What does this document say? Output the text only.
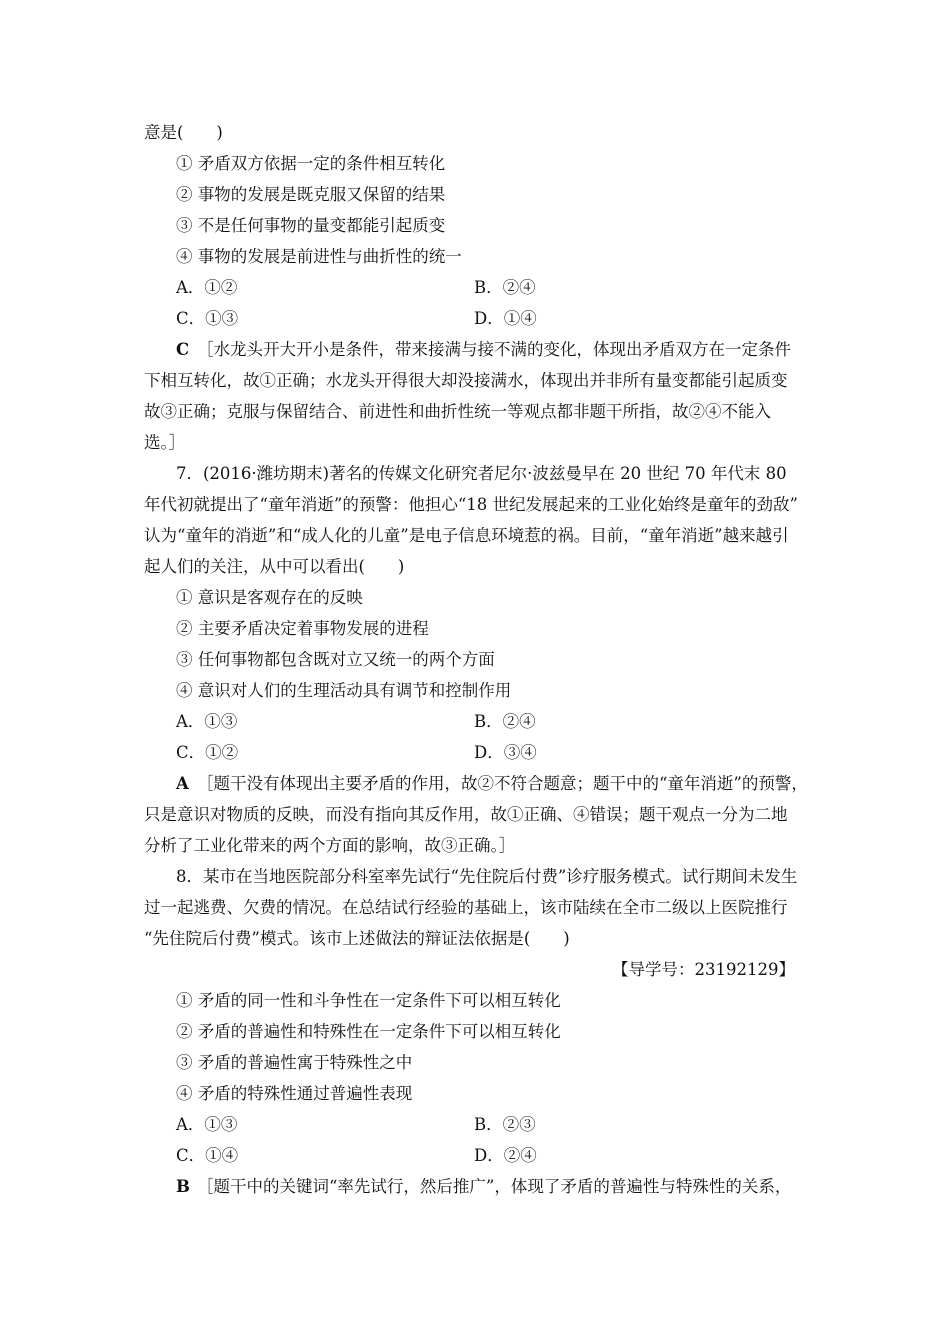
意是(　　)
① 矛盾双方依据一定的条件相互转化
② 事物的发展是既克服又保留的结果
③ 不是任何事物的量变都能引起质变
④ 事物的发展是前进性与曲折性的统一
A．①②	B．②④
C．①③	D．①④
C ［水龙头开大开小是条件，带来接满与接不满的变化，体现出矛盾双方在一定条件
下相互转化，故①正确；水龙头开得很大却没接满水，体现出并非所有量变都能引起质变
故③正确；克服与保留结合、前进性和曲折性统一等观点都非题干所指，故②④不能入
选。］
7．(2016·潍坊期末)著名的传媒文化研究者尼尔·波兹曼早在 20 世纪 70 年代末 80
年代初就提出了“童年消逝”的预警：他担心“18 世纪发展起来的工业化始终是童年的劲敌”
认为“童年的消逝”和“成人化的儿童”是电子信息环境惹的祸。目前，“童年消逝”越来越引
起人们的关注，从中可以看出(　　)
① 意识是客观存在的反映
② 主要矛盾决定着事物发展的进程
③ 任何事物都包含既对立又统一的两个方面
④ 意识对人们的生理活动具有调节和控制作用
A．①③	B．②④
C．①②	D．③④
A ［题干没有体现出主要矛盾的作用，故②不符合题意；题干中的“童年消逝”的预警，
只是意识对物质的反映，而没有指向其反作用，故①正确、④错误；题干观点一分为二地
分析了工业化带来的两个方面的影响，故③正确。］
8．某市在当地医院部分科室率先试行“先住院后付费”诊疗服务模式。试行期间未发生
过一起逃费、欠费的情况。在总结试行经验的基础上，该市陆续在全市二级以上医院推行
“先住院后付费”模式。该市上述做法的辩证法依据是(　　)
【导学号：23192129】
① 矛盾的同一性和斗争性在一定条件下可以相互转化
② 矛盾的普遍性和特殊性在一定条件下可以相互转化
③ 矛盾的普遍性寓于特殊性之中
④ 矛盾的特殊性通过普遍性表现
A．①③	B．②③
C．①④	D．②④
B ［题干中的关键词“率先试行，然后推广”，体现了矛盾的普遍性与特殊性的关系，
